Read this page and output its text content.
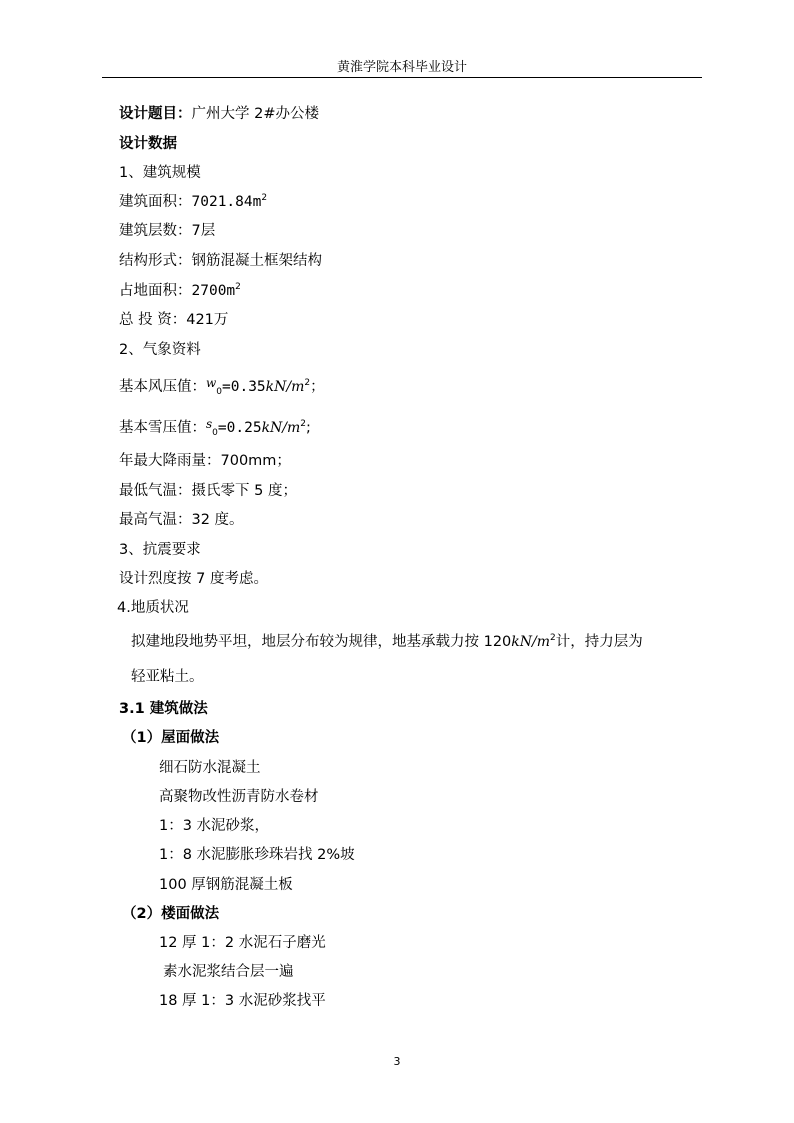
黄淮学院本科毕业设计
设计题目：广州大学 2#办公楼
设计数据
1、建筑规模
建筑面积：$7021.84m^2$
建筑层数：7层
结构形式：钢筋混凝土框架结构
占地面积：$2700m^2$
总 投 资：421万
2、气象资料
基本风压值：$^w_0=0.35kN/m^2$；
基本雪压值：$^s_0=0.25kN/m^2$;
年最大降雨量：700mm；
最低气温：摄氏零下 5 度；
最高气温：32 度。
3、抗震要求
设计烈度按 7 度考虑。
4.地质状况
拟建地段地势平坦，地层分布较为规律，地基承载力按 $120kN/m^2$计，持力层为
轻亚粘土。
3.1 建筑做法
（1）屋面做法
细石防水混凝土
高聚物改性沥青防水卷材
1：3 水泥砂浆，
1：8 水泥膨胀珍珠岩找 2%坡
100 厚钢筋混凝土板
（2）楼面做法
12 厚 1：2 水泥石子磨光
素水泥浆结合层一遍
18 厚 1：3 水泥砂浆找平
3
